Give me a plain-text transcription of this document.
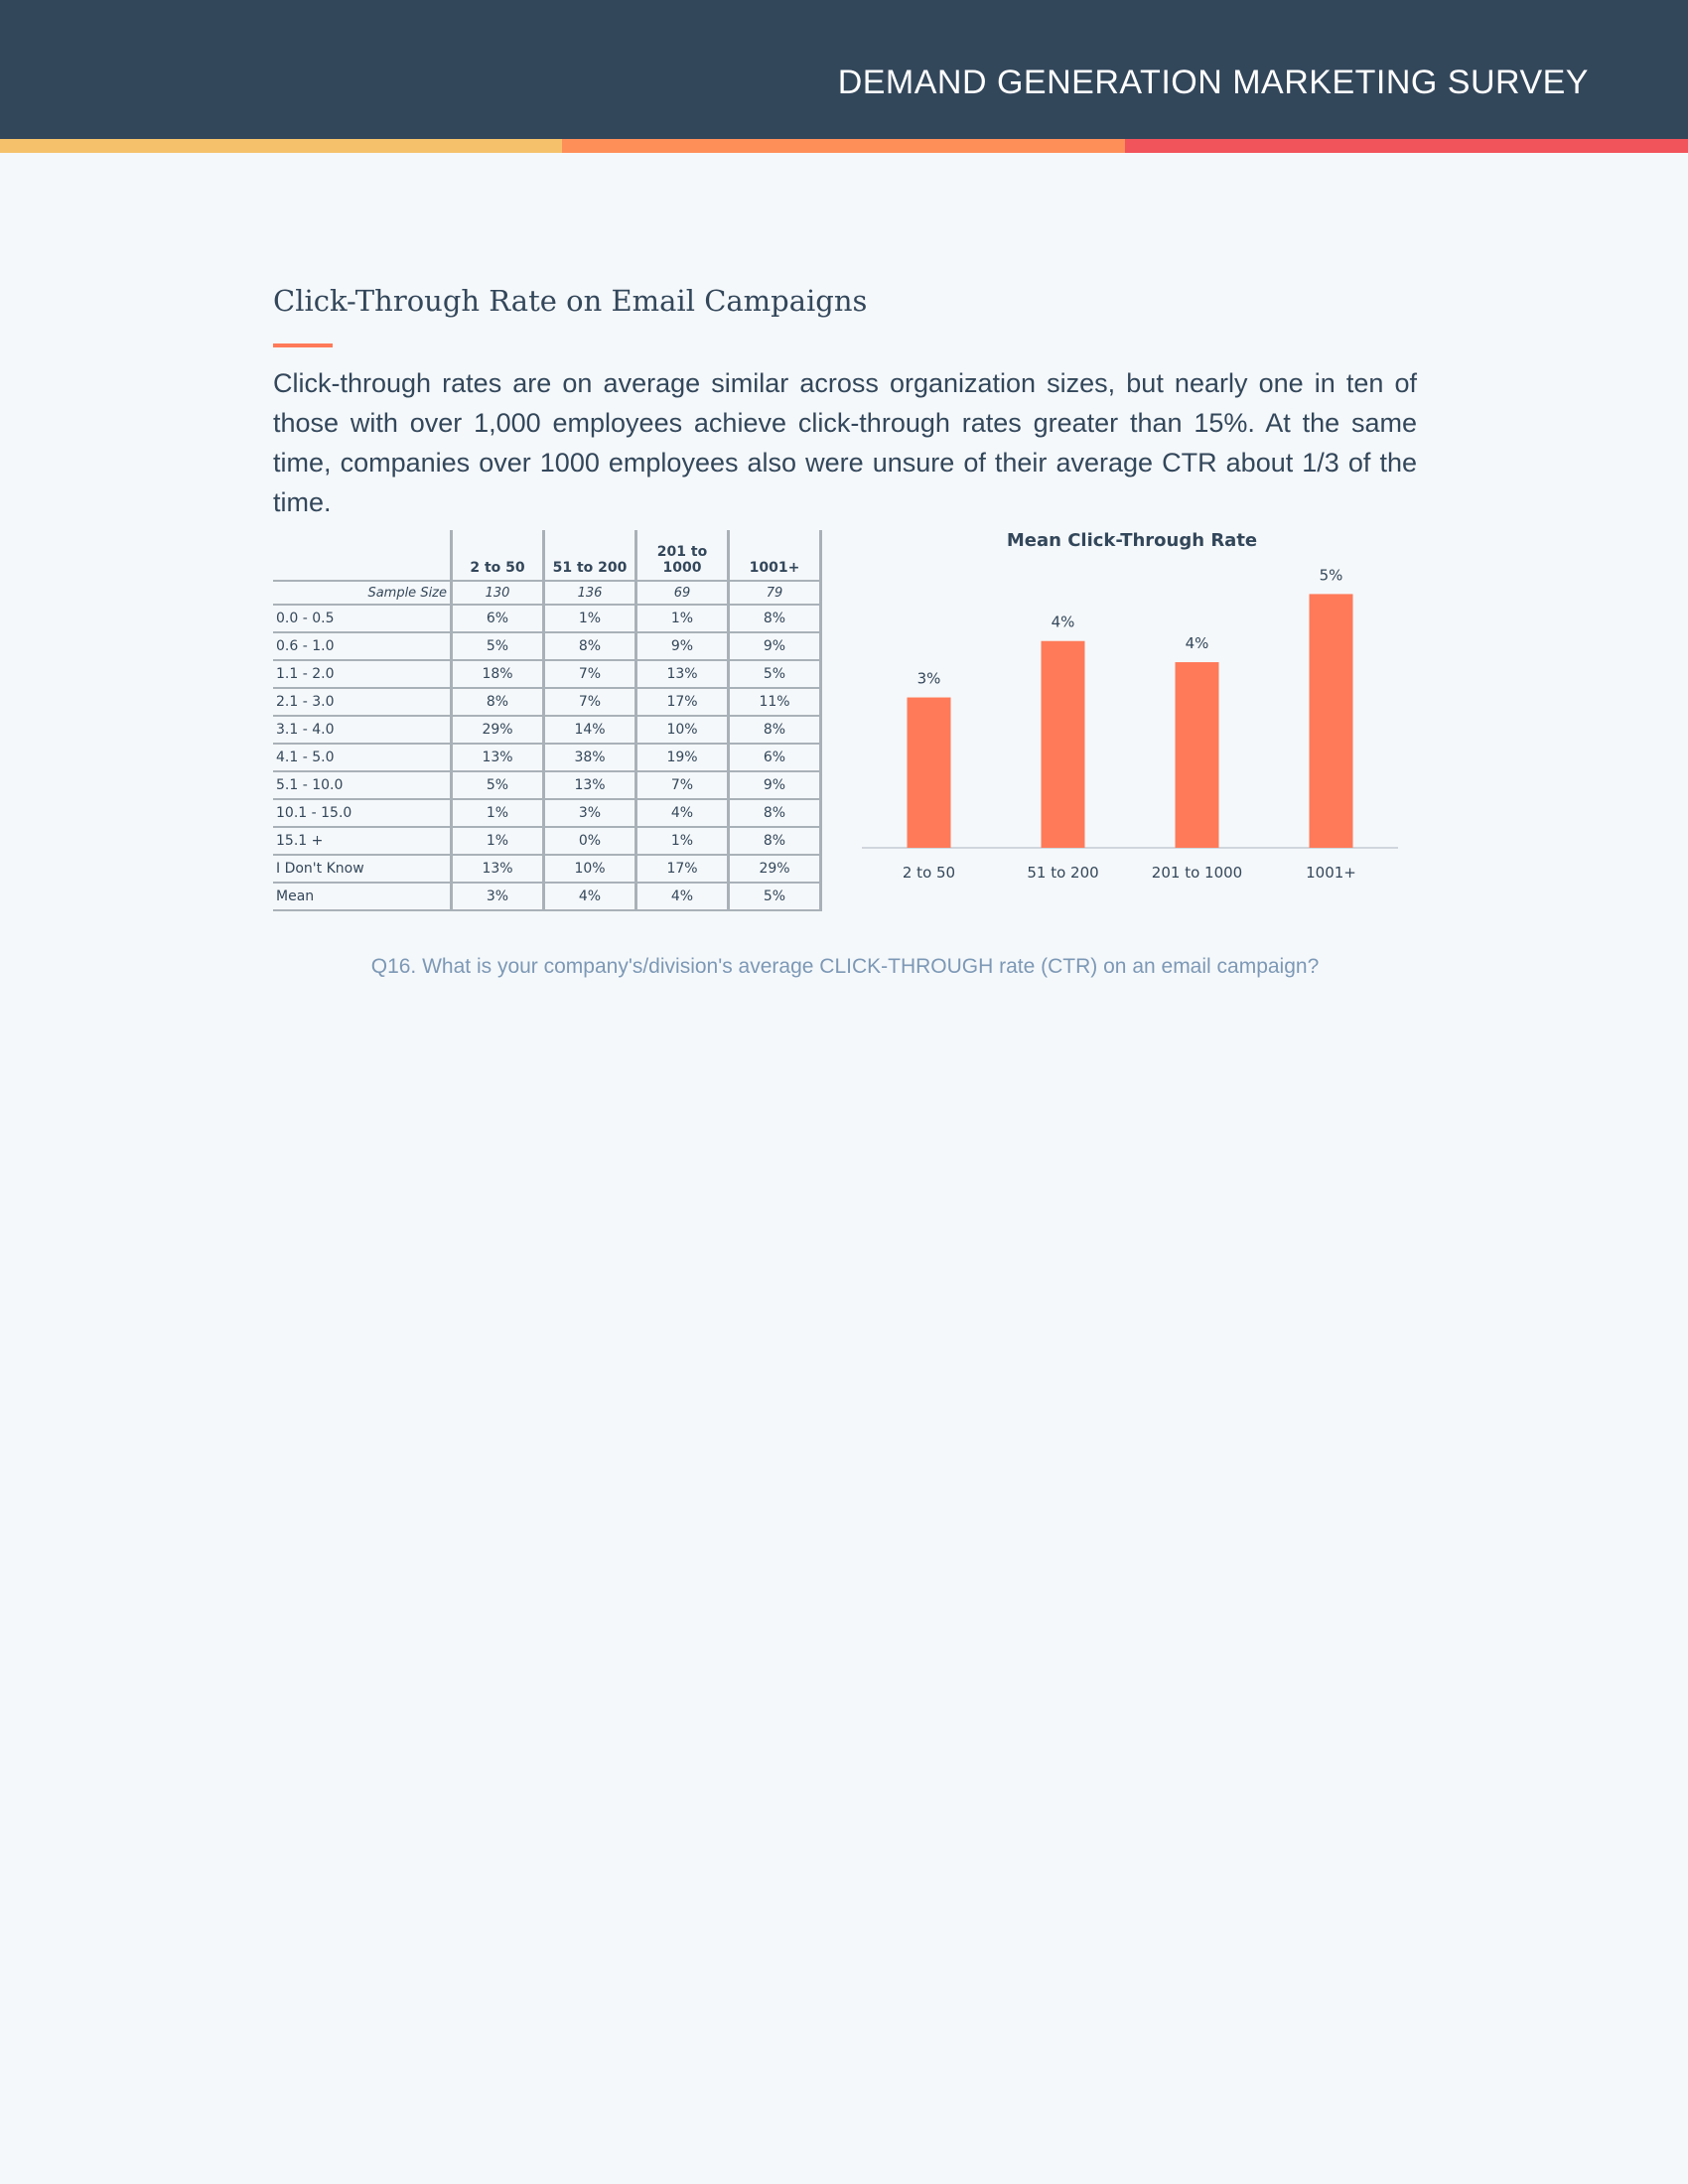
DEMAND GENERATION MARKETING SURVEY
Click-Through Rate on Email Campaigns

Click-through rates are on average similar across organization sizes, but nearly one in ten of those with over 1,000 employees achieve click-through rates greater than 15%. At the same time, companies over 1000 employees also were unsure of their average CTR about 1/3 of the time.

	2 to 50	51 to 200	201 to 1000	1001+
Sample Size	130	136	69	79
0.0 - 0.5	6%	1%	1%	8%
0.6 - 1.0	5%	8%	9%	9%
1.1 - 2.0	18%	7%	13%	5%
2.1 - 3.0	8%	7%	17%	11%
3.1 - 4.0	29%	14%	10%	8%
4.1 - 5.0	13%	38%	19%	6%
5.1 - 10.0	5%	13%	7%	9%
10.1 - 15.0	1%	3%	4%	8%
15.1 +	1%	0%	1%	8%
I Don't Know	13%	10%	17%	29%
Mean	3%	4%	4%	5%
Mean Click-Through Rate
3%
2 to 50
4%
51 to 200
4%
201 to 1000
5%
1001+
Q16. What is your company's/division's average CLICK-THROUGH rate (CTR) on an email campaign?
